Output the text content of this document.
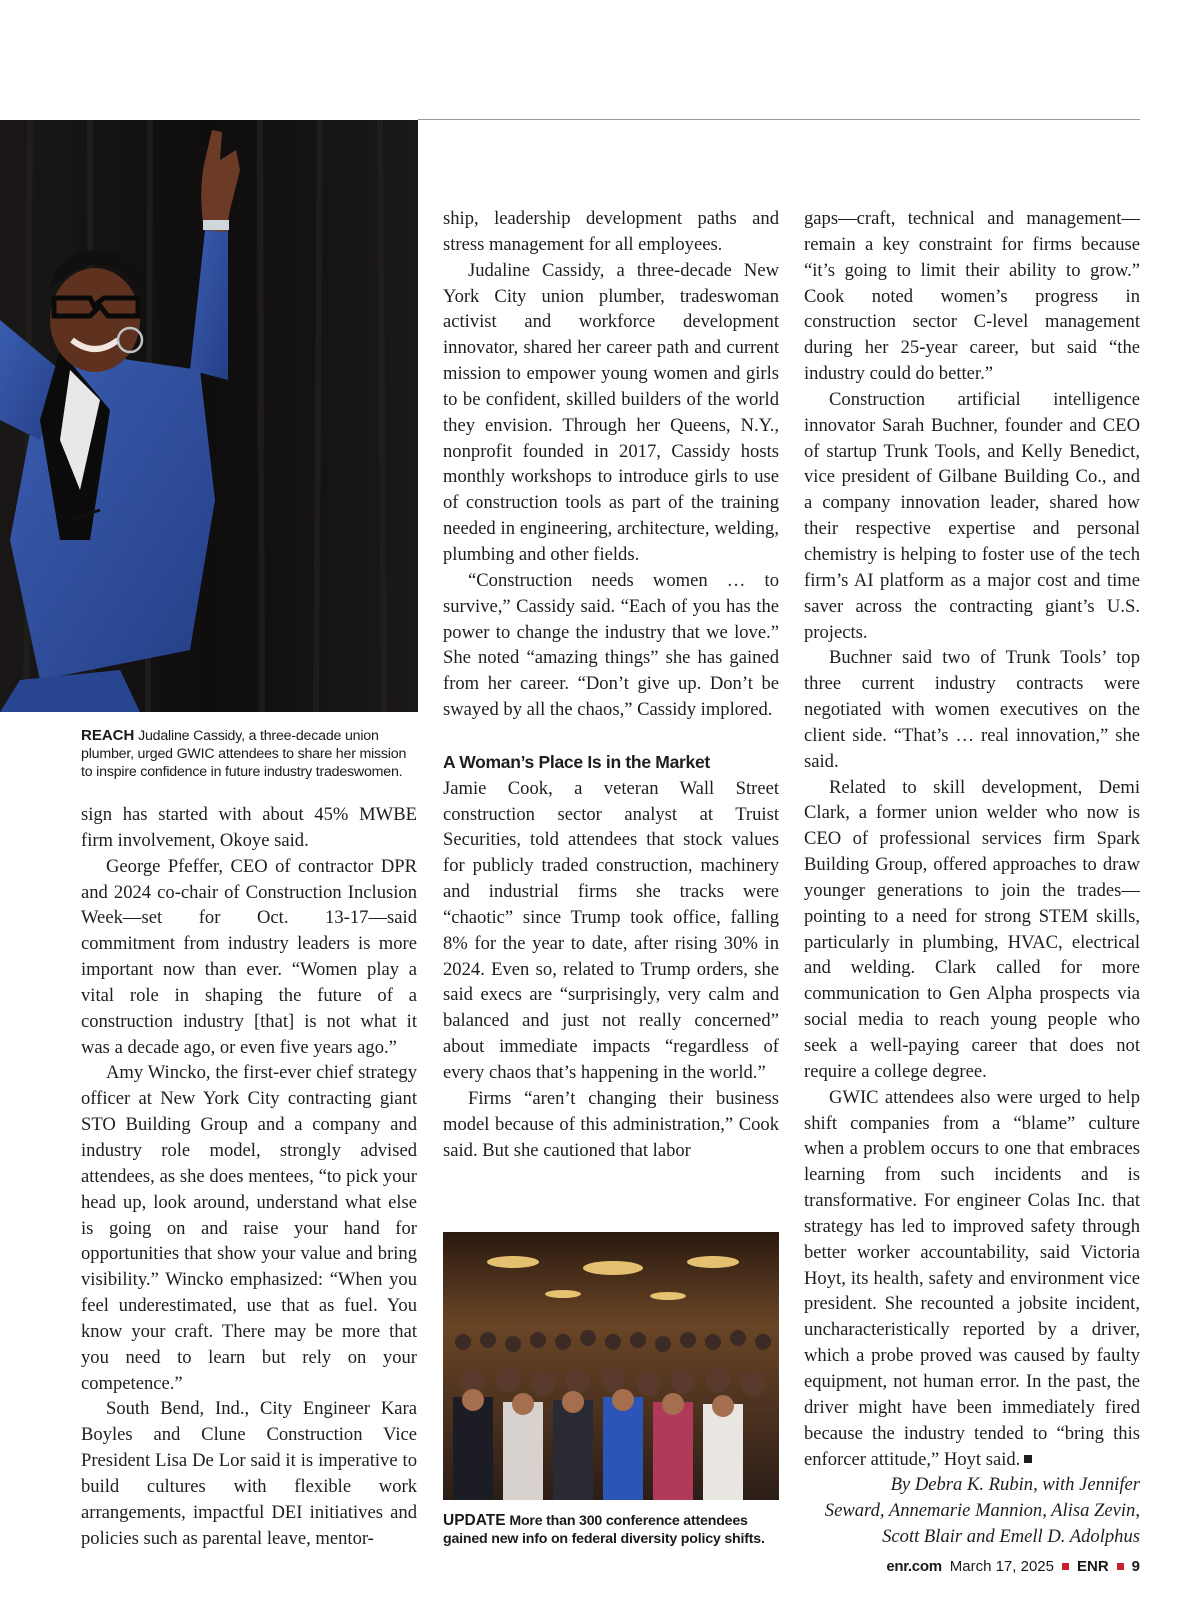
REACH Judaline Cassidy, a three-decade union plumber, urged GWIC attendees to share her mission to inspire confidence in future industry tradeswomen.

sign has started with about 45% MWBE firm involvement, Okoye said.

George Pfeffer, CEO of contractor DPR and 2024 co-chair of Construction Inclusion Week—set for Oct. 13-17—said commitment from industry leaders is more important now than ever. “Women play a vital role in shaping the future of a construction industry [that] is not what it was a decade ago, or even five years ago.”

Amy Wincko, the first-ever chief strategy officer at New York City contracting giant STO Building Group and a company and industry role model, strongly advised attendees, as she does mentees, “to pick your head up, look around, understand what else is going on and raise your hand for opportunities that show your value and bring visibility.” Wincko emphasized: “When you feel underestimated, use that as fuel. You know your craft. There may be more that you need to learn but rely on your competence.”

South Bend, Ind., City Engineer Kara Boyles and Clune Construction Vice President Lisa De Lor said it is imperative to build cultures with flexible work arrangements, impactful DEI initiatives and policies such as parental leave, mentor-

ship, leadership development paths and stress management for all employees.

Judaline Cassidy, a three-decade New York City union plumber, tradeswoman activist and workforce development innovator, shared her career path and current mission to empower young women and girls to be confident, skilled builders of the world they envision. Through her Queens, N.Y., nonprofit founded in 2017, Cassidy hosts monthly workshops to introduce girls to use of construction tools as part of the training needed in engineering, architecture, welding, plumbing and other fields.

“Construction needs women … to survive,” Cassidy said. “Each of you has the power to change the industry that we love.” She noted “amazing things” she has gained from her career. “Don’t give up. Don’t be swayed by all the chaos,” Cassidy implored.

A Woman’s Place Is in the Market

Jamie Cook, a veteran Wall Street construction sector analyst at Truist Securities, told attendees that stock values for publicly traded construction, machinery and industrial firms she tracks were “chaotic” since Trump took office, falling 8% for the year to date, after rising 30% in 2024. Even so, related to Trump orders, she said execs are “surprisingly, very calm and balanced and just not really concerned” about immediate impacts “regardless of every chaos that’s happening in the world.”

Firms “aren’t changing their business model because of this administration,” Cook said. But she cautioned that labor

UPDATE More than 300 conference attendees gained new info on federal diversity policy shifts.

gaps—craft, technical and management—remain a key constraint for firms because “it’s going to limit their ability to grow.” Cook noted women’s progress in construction sector C-level management during her 25-year career, but said “the industry could do better.”

Construction artificial intelligence innovator Sarah Buchner, founder and CEO of startup Trunk Tools, and Kelly Benedict, vice president of Gilbane Building Co., and a company innovation leader, shared how their respective expertise and personal chemistry is helping to foster use of the tech firm’s AI platform as a major cost and time saver across the contracting giant’s U.S. projects.

Buchner said two of Trunk Tools’ top three current industry contracts were negotiated with women executives on the client side. “That’s … real innovation,” she said.

Related to skill development, Demi Clark, a former union welder who now is CEO of professional services firm Spark Building Group, offered approaches to draw younger generations to join the trades—pointing to a need for strong STEM skills, particularly in plumbing, HVAC, electrical and welding. Clark called for more communication to Gen Alpha prospects via social media to reach young people who seek a well-paying career that does not require a college degree.

GWIC attendees also were urged to help shift companies from a “blame” culture when a problem occurs to one that embraces learning from such incidents and is transformative. For engineer Colas Inc. that strategy has led to improved safety through better worker accountability, said Victoria Hoyt, its health, safety and environment vice president. She recounted a jobsite incident, uncharacteristically reported by a driver, which a probe proved was caused by faulty equipment, not human error. In the past, the driver might have been immediately fired because the industry tended to “bring this enforcer attitude,” Hoyt said.

By Debra K. Rubin, with Jennifer Seward, Annemarie Mannion, Alisa Zevin, Scott Blair and Emell D. Adolphus

enr.com March 17, 2025 ENR 9
